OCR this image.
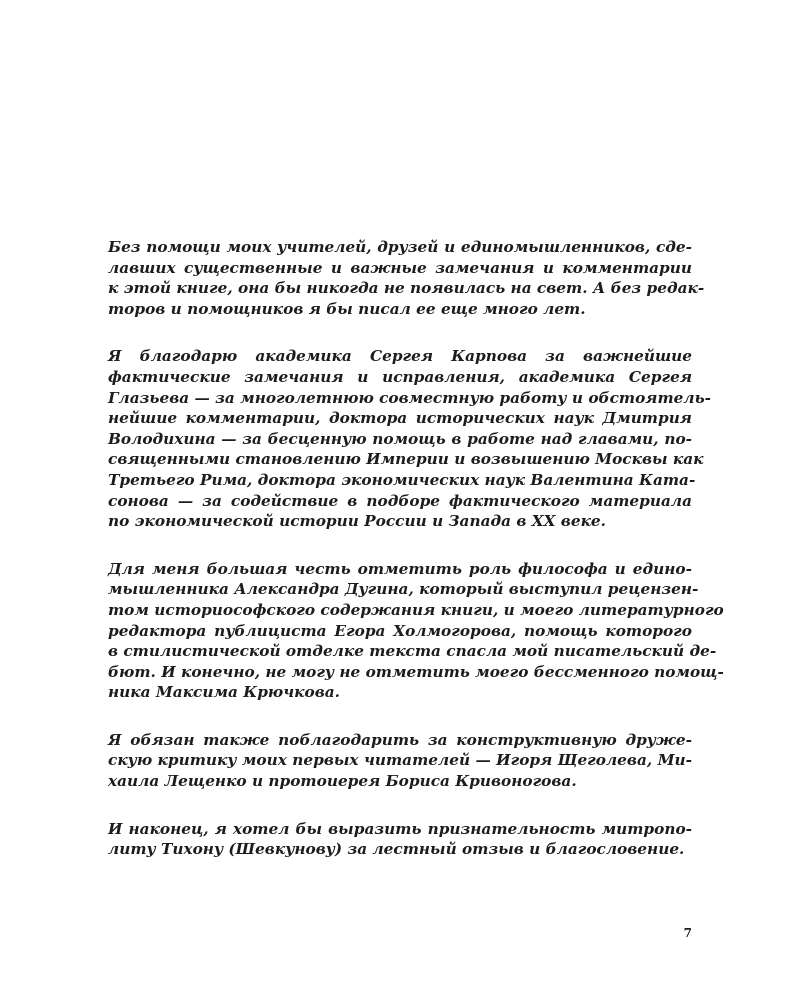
Без помощи моих учителей, друзей и единомышленников, сде-
лавших существенные и важные замечания и комментарии
к этой книге, она бы никогда не появилась на свет. А без редак-
торов и помощников я бы писал ее еще много лет.

Я благодарю академика Сергея Карпова за важнейшие
фактические замечания и исправления, академика Сергея
Глазьева — за многолетнюю совместную работу и обстоятель-
нейшие комментарии, доктора исторических наук Дмитрия
Володихина — за бесценную помощь в работе над главами, по-
священными становлению Империи и возвышению Москвы как
Третьего Рима, доктора экономических наук Валентина Ката-
сонова — за содействие в подборе фактического материала
по экономической истории России и Запада в XX веке.

Для меня большая честь отметить роль философа и едино-
мышленника Александра Дугина, который выступил рецензен-
том историософского содержания книги, и моего литературного
редактора публициста Егора Холмогорова, помощь которого
в стилистической отделке текста спасла мой писательский де-
бют. И конечно, не могу не отметить моего бессменного помощ-
ника Максима Крючкова.

Я обязан также поблагодарить за конструктивную друже-
скую критику моих первых читателей — Игоря Щеголева, Ми-
хаила Лещенко и протоиерея Бориса Кривоногова.

И наконец, я хотел бы выразить признательность митропо-
литу Тихону (Шевкунову) за лестный отзыв и благословение.

7
